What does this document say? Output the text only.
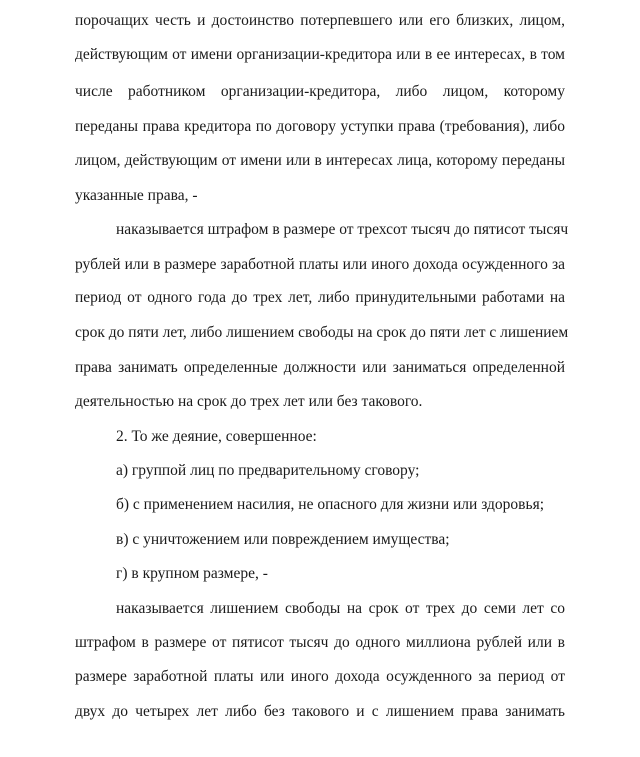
порочащих честь и достоинство потерпевшего или его близких, лицом,
действующим от имени организации-кредитора или в ее интересах, в том
числе работником организации-кредитора, либо лицом, которому
переданы права кредитора по договору уступки права (требования), либо
лицом, действующим от имени или в интересах лица, которому переданы
указанные права, -
наказывается штрафом в размере от трехсот тысяч до пятисот тысяч
рублей или в размере заработной платы или иного дохода осужденного за
период от одного года до трех лет, либо принудительными работами на
срок до пяти лет, либо лишением свободы на срок до пяти лет с лишением
права занимать определенные должности или заниматься определенной
деятельностью на срок до трех лет или без такового.
2. То же деяние, совершенное:
а) группой лиц по предварительному сговору;
б) с применением насилия, не опасного для жизни или здоровья;
в) с уничтожением или повреждением имущества;
г) в крупном размере, -
наказывается лишением свободы на срок от трех до семи лет со
штрафом в размере от пятисот тысяч до одного миллиона рублей или в
размере заработной платы или иного дохода осужденного за период от
двух до четырех лет либо без такового и с лишением права занимать
